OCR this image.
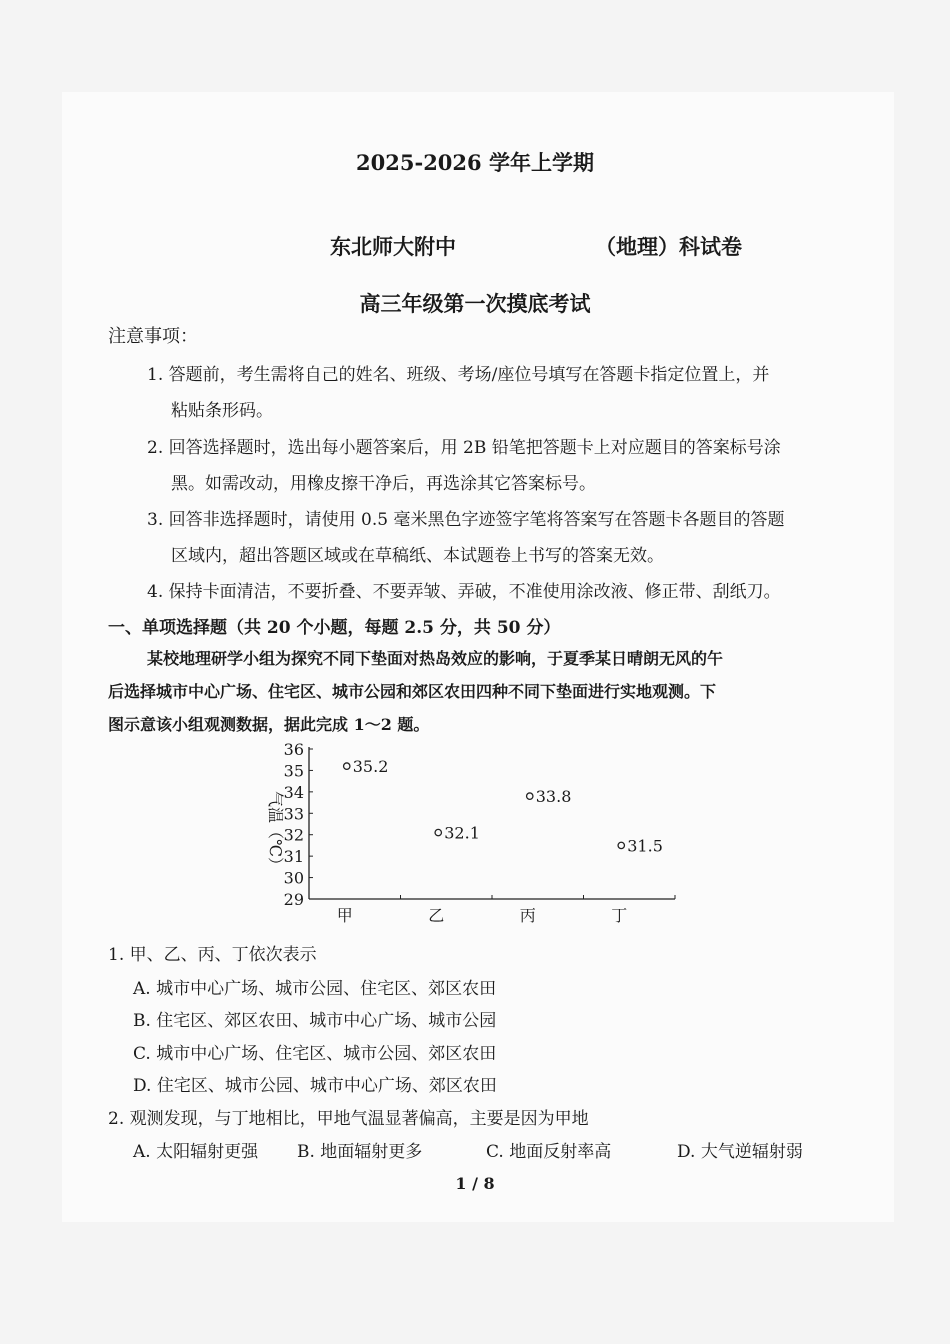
2025-2026 学年上学期
东北师大附中	（地理）科试卷
高三年级第一次摸底考试
注意事项：
1. 答题前，考生需将自己的姓名、班级、考场/座位号填写在答题卡指定位置上，并
粘贴条形码。
2. 回答选择题时，选出每小题答案后，用 2B 铅笔把答题卡上对应题目的答案标号涂
黑。如需改动，用橡皮擦干净后，再选涂其它答案标号。
3. 回答非选择题时，请使用 0.5 毫米黑色字迹签字笔将答案写在答题卡各题目的答题
区域内，超出答题区域或在草稿纸、本试题卷上书写的答案无效。
4. 保持卡面清洁，不要折叠、不要弄皱、弄破，不准使用涂改液、修正带、刮纸刀。
一、单项选择题（共 20 个小题，每题 2.5 分，共 50 分）
某校地理研学小组为探究不同下垫面对热岛效应的影响，于夏季某日晴朗无风的午
后选择城市中心广场、住宅区、城市公园和郊区农田四种不同下垫面进行实地观测。下
图示意该小组观测数据，据此完成 1～2 题。
29
30
31
32
33
34
35
36
甲	乙	丙	丁
35.2
32.1
33.8
31.5
气温（℃）
1. 甲、乙、丙、丁依次表示
A. 城市中心广场、城市公园、住宅区、郊区农田
B. 住宅区、郊区农田、城市中心广场、城市公园
C. 城市中心广场、住宅区、城市公园、郊区农田
D. 住宅区、城市公园、城市中心广场、郊区农田
2. 观测发现，与丁地相比，甲地气温显著偏高，主要是因为甲地
A. 太阳辐射更强 B. 地面辐射更多	C. 地面反射率高	D. 大气逆辐射弱
1 / 8
